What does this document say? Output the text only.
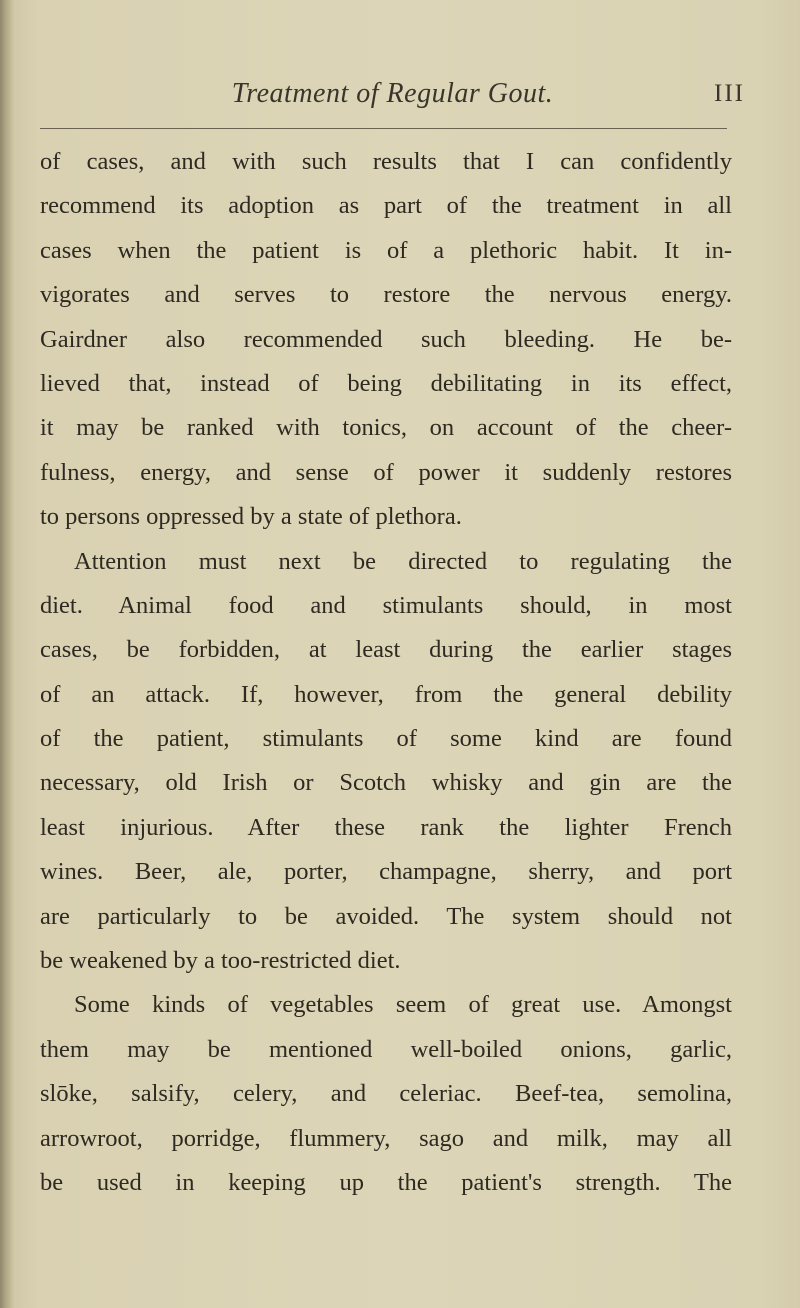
Treatment of Regular Gout.	III
of cases, and with such results that I can confidently
recommend its adoption as part of the treatment in all
cases when the patient is of a plethoric habit. It in-
vigorates and serves to restore the nervous energy.
Gairdner also recommended such bleeding. He be-
lieved that, instead of being debilitating in its effect,
it may be ranked with tonics, on account of the cheer-
fulness, energy, and sense of power it suddenly restores
to persons oppressed by a state of plethora.
Attention must next be directed to regulating the
diet. Animal food and stimulants should, in most
cases, be forbidden, at least during the earlier stages
of an attack. If, however, from the general debility
of the patient, stimulants of some kind are found
necessary, old Irish or Scotch whisky and gin are the
least injurious. After these rank the lighter French
wines. Beer, ale, porter, champagne, sherry, and port
are particularly to be avoided. The system should not
be weakened by a too-restricted diet.
Some kinds of vegetables seem of great use. Amongst
them may be mentioned well-boiled onions, garlic,
slōke, salsify, celery, and celeriac. Beef-tea, semolina,
arrowroot, porridge, flummery, sago and milk, may all
be used in keeping up the patient's strength. The
